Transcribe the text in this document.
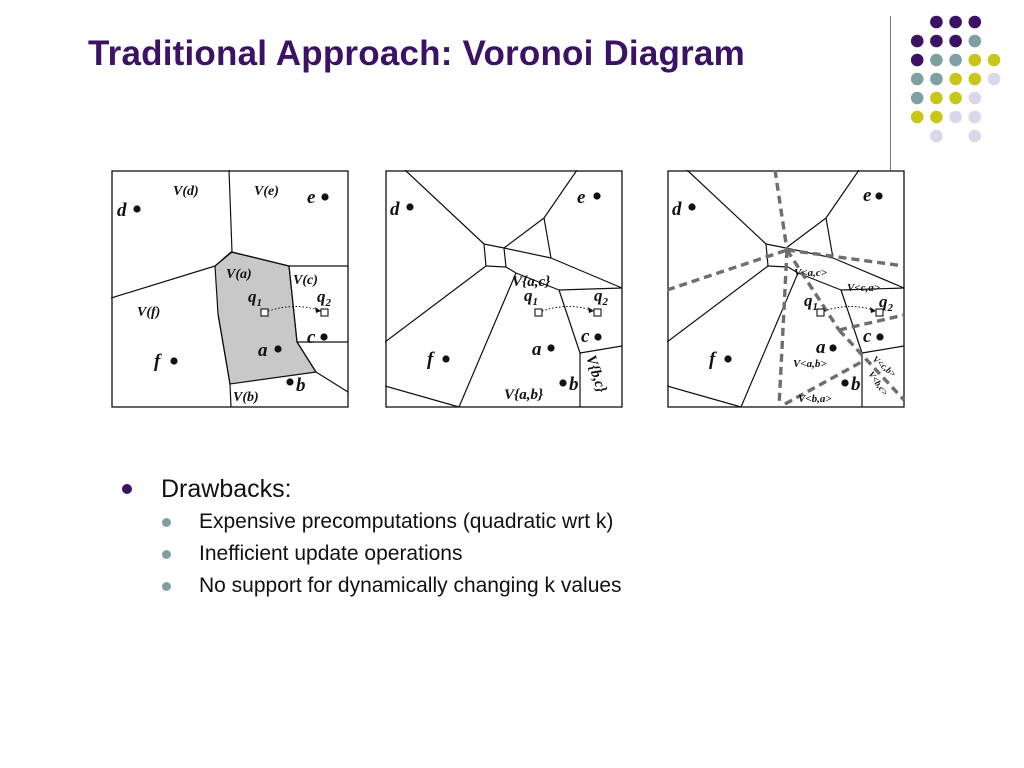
Traditional Approach: Voronoi Diagram
d
e
c
a
b
f
V(a)
V(b)
V(c)
V(d)	V(e)
V(f)
$q_1$	$q_2$
d
e
c
a
b
f
V{a,c}
V{a,b}
V{b,c}
$q_1$	$q_2$
d
e
c
a
b
f
V<a,c>
V<c,a>
V<a,b>
V<b,a>
V<c,b>
V<b,c>
$q_1$	$q_2$
Drawbacks:
Expensive precomputations (quadratic wrt k)
Inefficient update operations
No support for dynamically changing k values
